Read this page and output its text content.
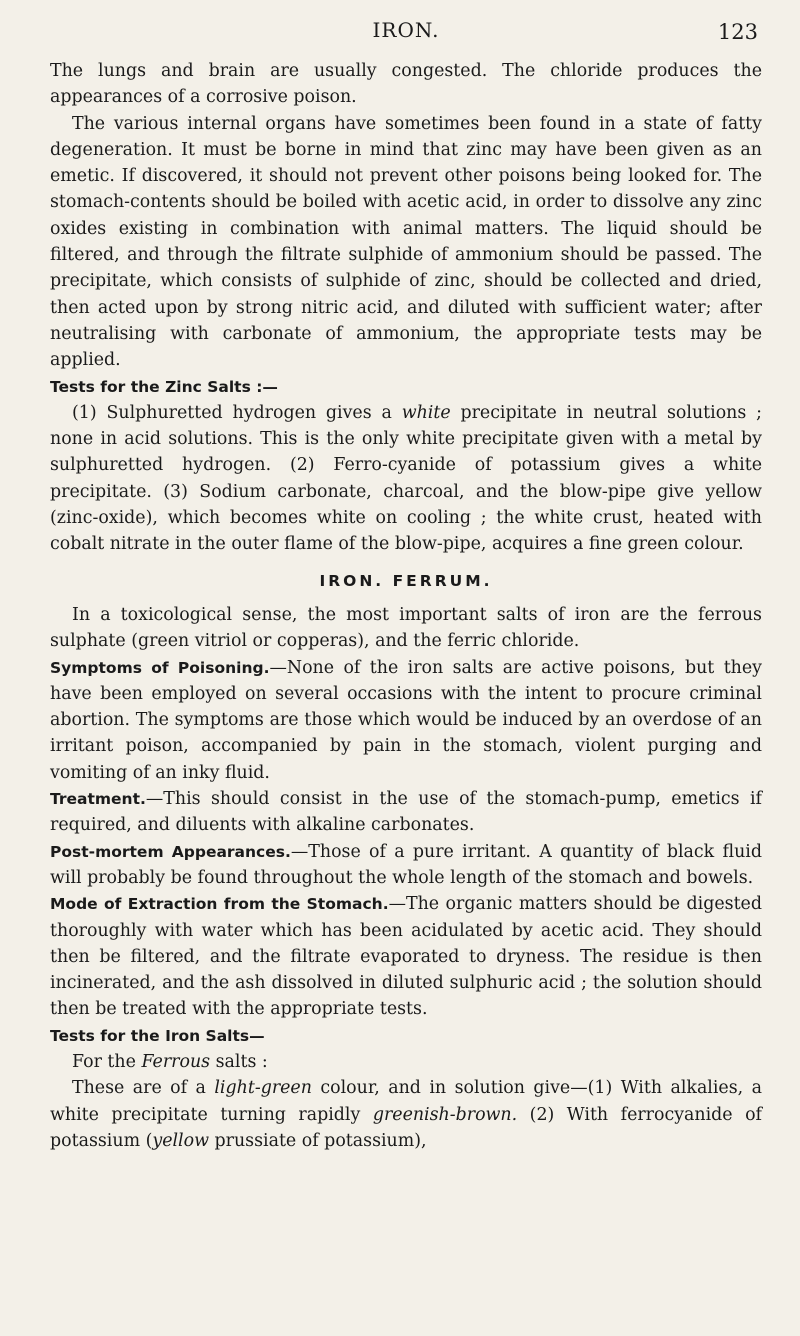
IRON.	123

The lungs and brain are usually congested. The chloride produces the appearances of a corrosive poison.

The various internal organs have sometimes been found in a state of fatty degeneration. It must be borne in mind that zinc may have been given as an emetic. If discovered, it should not prevent other poisons being looked for. The stomach-contents should be boiled with acetic acid, in order to dissolve any zinc oxides existing in combination with animal matters. The liquid should be filtered, and through the filtrate sulphide of ammonium should be passed. The precipitate, which consists of sulphide of zinc, should be collected and dried, then acted upon by strong nitric acid, and diluted with sufficient water; after neutralising with carbonate of ammonium, the appropriate tests may be applied.

Tests for the Zinc Salts :—

(1) Sulphuretted hydrogen gives a white precipitate in neutral solutions ; none in acid solutions. This is the only white precipitate given with a metal by sulphuretted hydrogen. (2) Ferro-cyanide of potassium gives a white precipitate. (3) Sodium carbonate, charcoal, and the blow-pipe give yellow (zinc-oxide), which becomes white on cooling ; the white crust, heated with cobalt nitrate in the outer flame of the blow-pipe, acquires a fine green colour.

IRON. FERRUM.

In a toxicological sense, the most important salts of iron are the ferrous sulphate (green vitriol or copperas), and the ferric chloride.

Symptoms of Poisoning.—None of the iron salts are active poisons, but they have been employed on several occasions with the intent to procure criminal abortion. The symptoms are those which would be induced by an overdose of an irritant poison, accompanied by pain in the stomach, violent purging and vomiting of an inky fluid.

Treatment.—This should consist in the use of the stomach-pump, emetics if required, and diluents with alkaline carbonates.

Post-mortem Appearances.—Those of a pure irritant. A quantity of black fluid will probably be found throughout the whole length of the stomach and bowels.

Mode of Extraction from the Stomach.—The organic matters should be digested thoroughly with water which has been acidulated by acetic acid. They should then be filtered, and the filtrate evaporated to dryness. The residue is then incinerated, and the ash dissolved in diluted sulphuric acid ; the solution should then be treated with the appropriate tests.

Tests for the Iron Salts—

For the Ferrous salts :

These are of a light-green colour, and in solution give—(1) With alkalies, a white precipitate turning rapidly greenish-brown. (2) With ferrocyanide of potassium (yellow prussiate of potassium),
